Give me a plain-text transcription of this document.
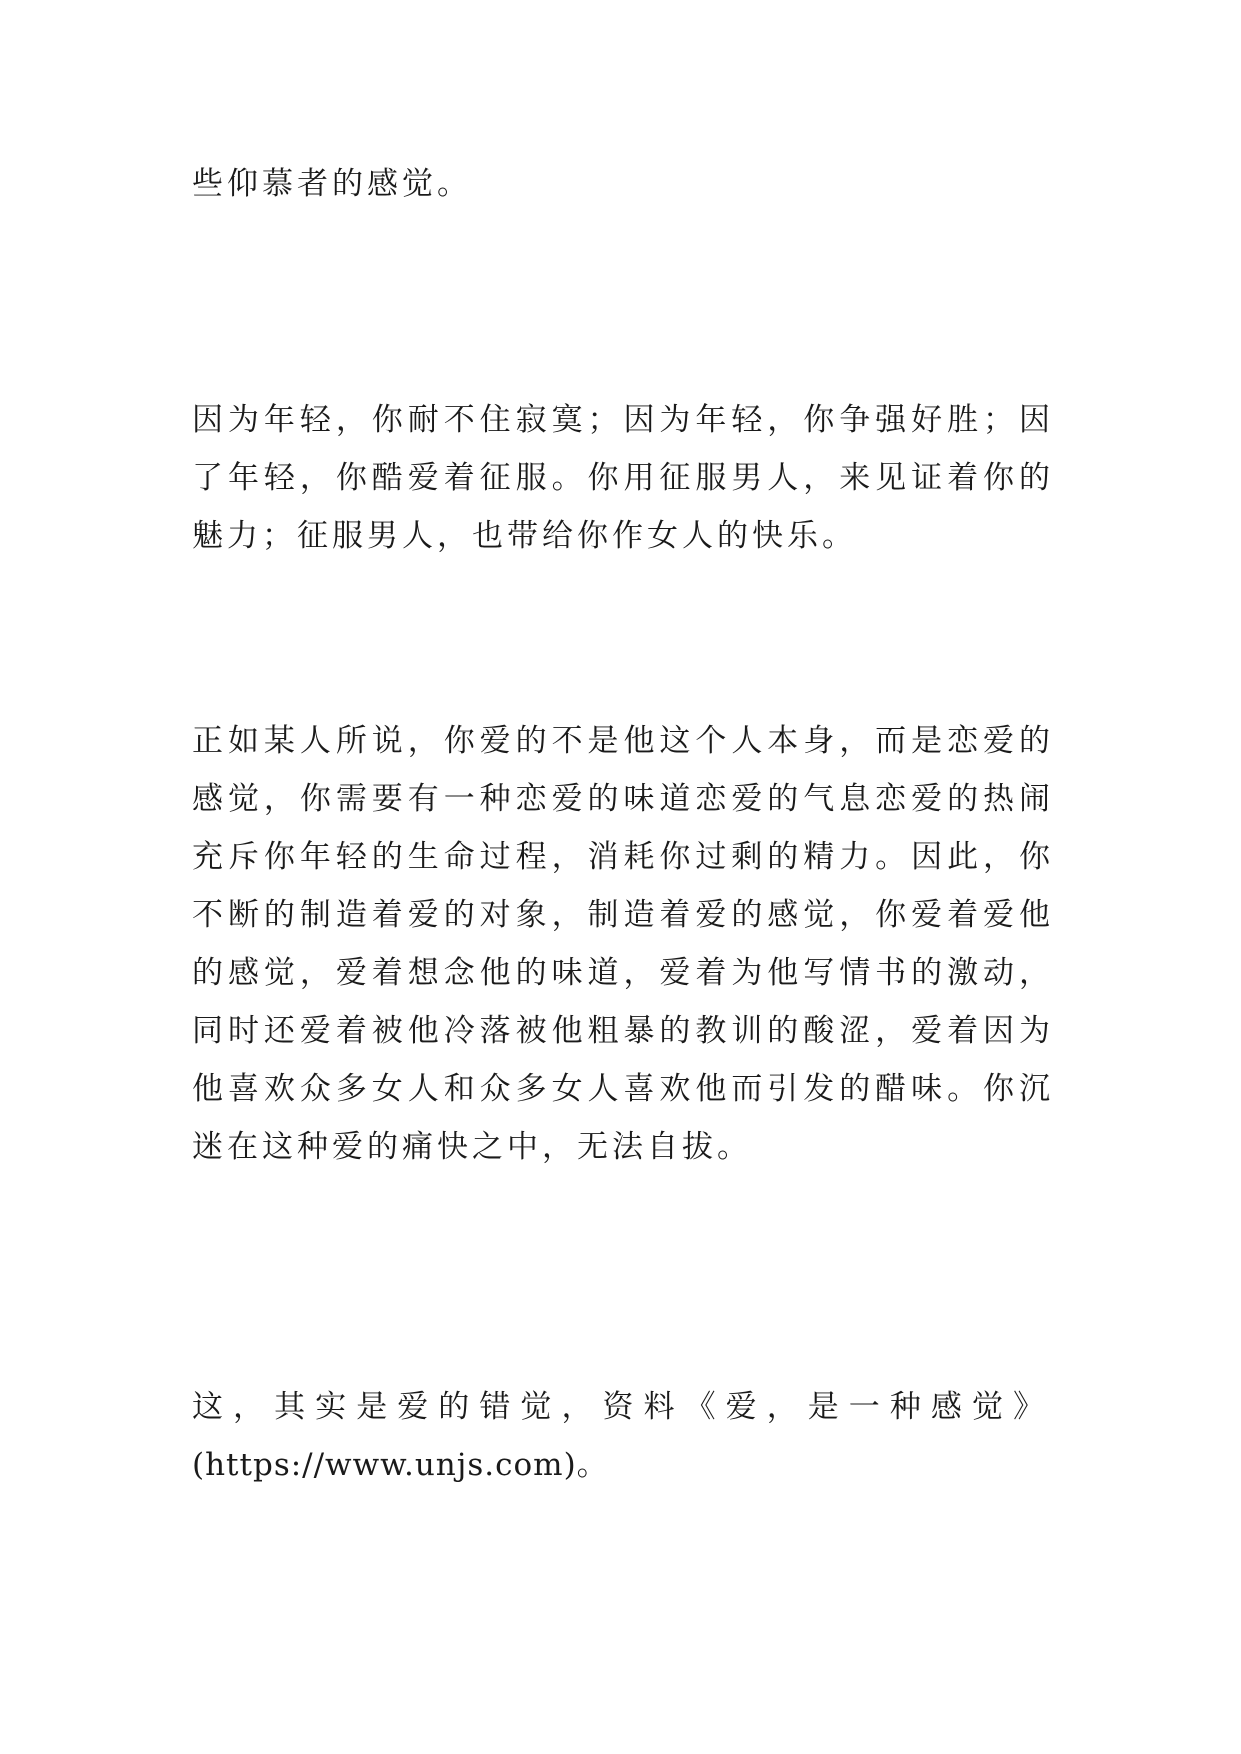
些仰慕者的感觉。

因为年轻，你耐不住寂寞；因为年轻，你争强好胜；因了年轻，你酷爱着征服。你用征服男人，来见证着你的魅力；征服男人，也带给你作女人的快乐。

正如某人所说，你爱的不是他这个人本身，而是恋爱的感觉，你需要有一种恋爱的味道恋爱的气息恋爱的热闹充斥你年轻的生命过程，消耗你过剩的精力。因此，你不断的制造着爱的对象，制造着爱的感觉，你爱着爱他的感觉，爱着想念他的味道，爱着为他写情书的激动，同时还爱着被他冷落被他粗暴的教训的酸涩，爱着因为他喜欢众多女人和众多女人喜欢他而引发的醋味。你沉迷在这种爱的痛快之中，无法自拔。

这，其实是爱的错觉，资料《爱，是一种感觉》
(https://www.unjs.com)。
